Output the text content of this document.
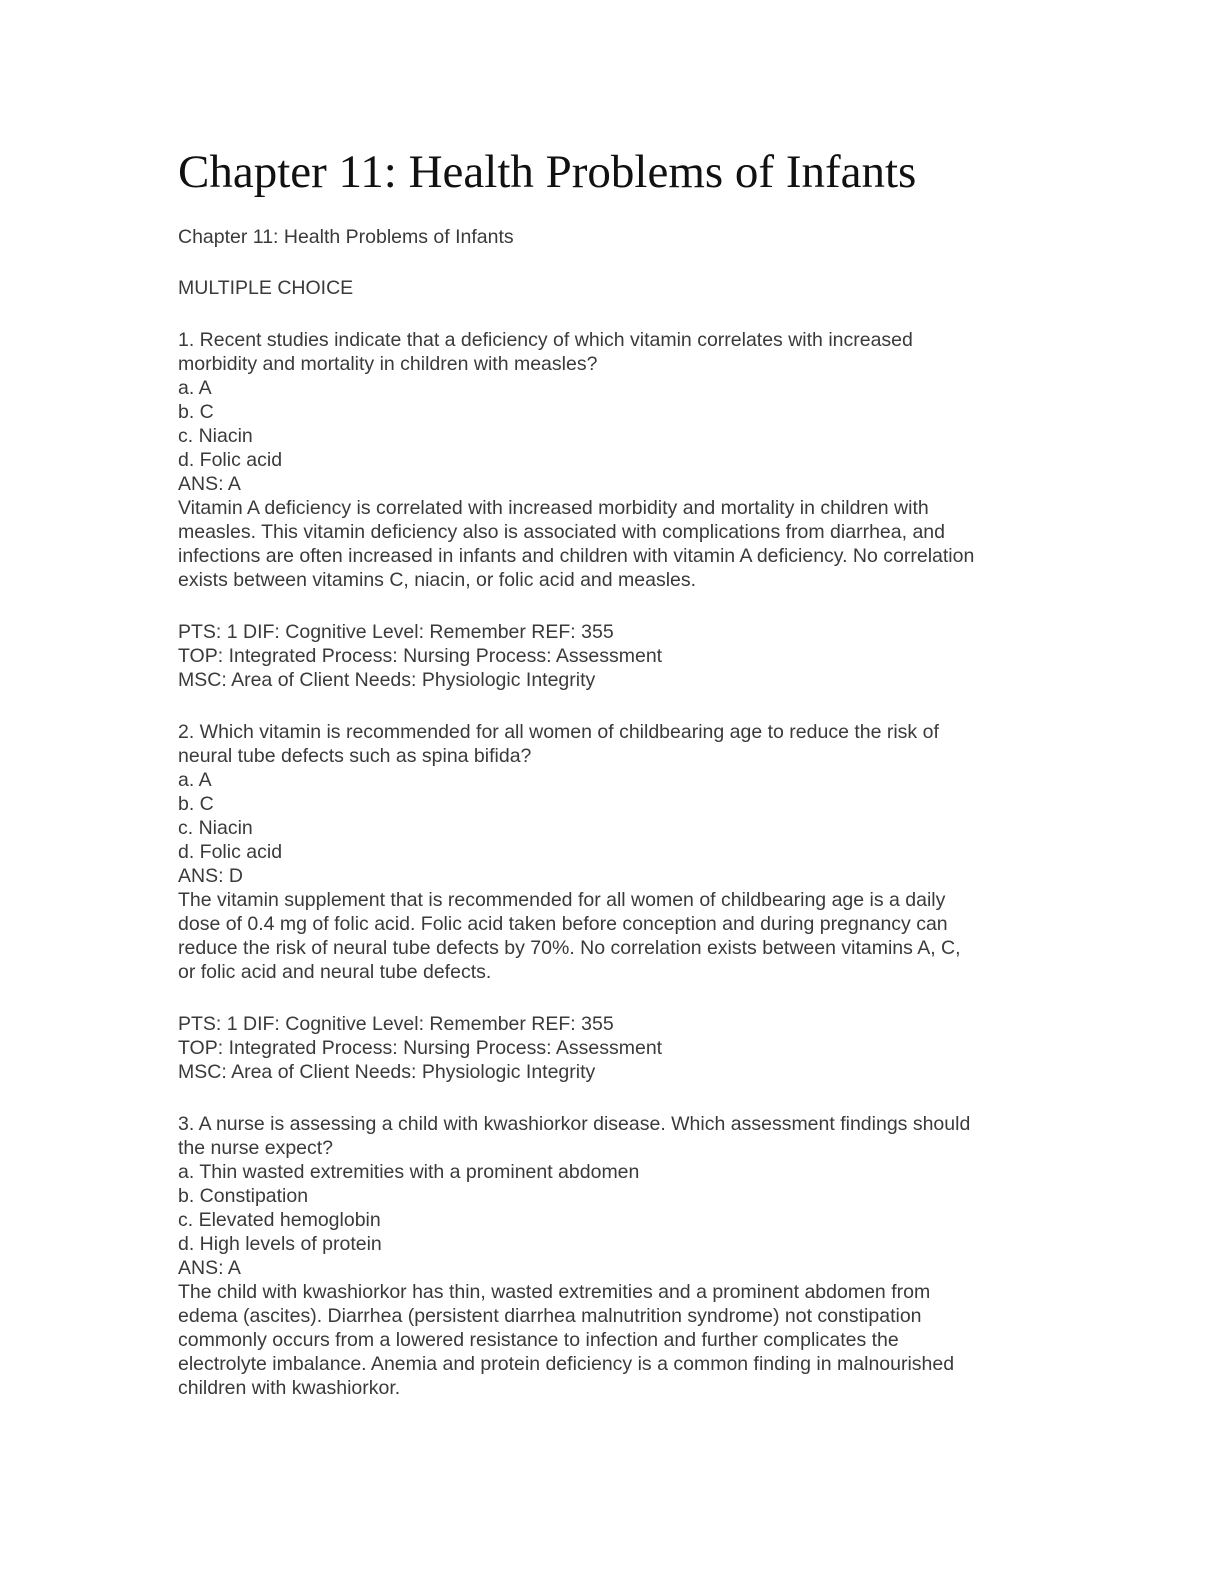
Chapter 11: Health Problems of Infants
Chapter 11: Health Problems of Infants
MULTIPLE CHOICE
1. Recent studies indicate that a deficiency of which vitamin correlates with increased
morbidity and mortality in children with measles?
a. A
b. C
c. Niacin
d. Folic acid
ANS: A
Vitamin A deficiency is correlated with increased morbidity and mortality in children with
measles. This vitamin deficiency also is associated with complications from diarrhea, and
infections are often increased in infants and children with vitamin A deficiency. No correlation
exists between vitamins C, niacin, or folic acid and measles.
PTS: 1 DIF: Cognitive Level: Remember REF: 355
TOP: Integrated Process: Nursing Process: Assessment
MSC: Area of Client Needs: Physiologic Integrity
2. Which vitamin is recommended for all women of childbearing age to reduce the risk of
neural tube defects such as spina bifida?
a. A
b. C
c. Niacin
d. Folic acid
ANS: D
The vitamin supplement that is recommended for all women of childbearing age is a daily
dose of 0.4 mg of folic acid. Folic acid taken before conception and during pregnancy can
reduce the risk of neural tube defects by 70%. No correlation exists between vitamins A, C,
or folic acid and neural tube defects.
PTS: 1 DIF: Cognitive Level: Remember REF: 355
TOP: Integrated Process: Nursing Process: Assessment
MSC: Area of Client Needs: Physiologic Integrity
3. A nurse is assessing a child with kwashiorkor disease. Which assessment findings should
the nurse expect?
a. Thin wasted extremities with a prominent abdomen
b. Constipation
c. Elevated hemoglobin
d. High levels of protein
ANS: A
The child with kwashiorkor has thin, wasted extremities and a prominent abdomen from
edema (ascites). Diarrhea (persistent diarrhea malnutrition syndrome) not constipation
commonly occurs from a lowered resistance to infection and further complicates the
electrolyte imbalance. Anemia and protein deficiency is a common finding in malnourished
children with kwashiorkor.
